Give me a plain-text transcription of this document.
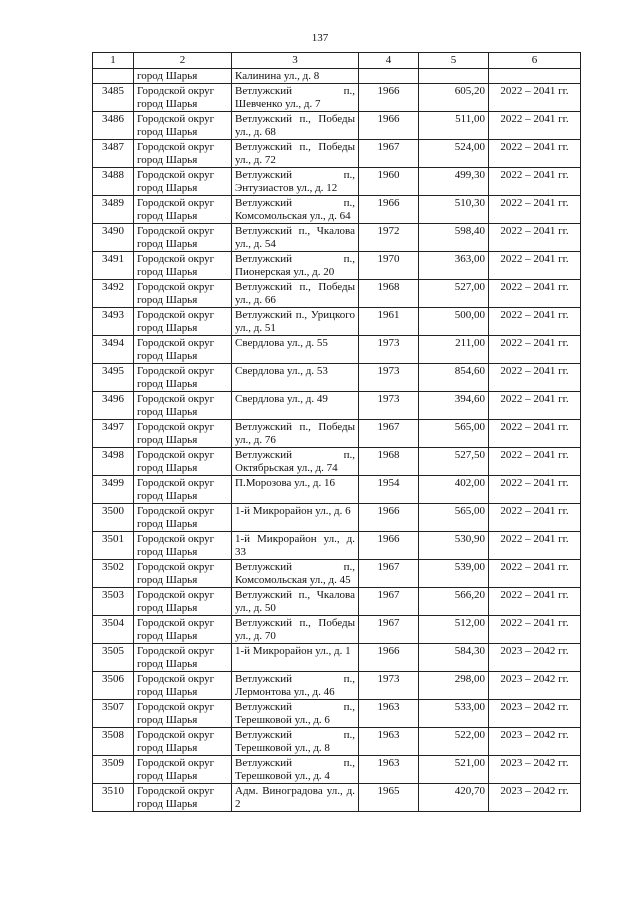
137
1	2	3	4	5	6
	город Шарья	Калинина ул., д. 8			
3485	Городской округ город Шарья	Ветлужский п., Шевченко ул., д. 7	1966	605,20	2022 – 2041 гг.
3486	Городской округ город Шарья	Ветлужский п., Победы ул., д. 68	1966	511,00	2022 – 2041 гг.
3487	Городской округ город Шарья	Ветлужский п., Победы ул., д. 72	1967	524,00	2022 – 2041 гг.
3488	Городской округ город Шарья	Ветлужский п., Энтузиастов ул., д. 12	1960	499,30	2022 – 2041 гг.
3489	Городской округ город Шарья	Ветлужский п., Комсомольская ул., д. 64	1966	510,30	2022 – 2041 гг.
3490	Городской округ город Шарья	Ветлужский п., Чкалова ул., д. 54	1972	598,40	2022 – 2041 гг.
3491	Городской округ город Шарья	Ветлужский п., Пионерская ул., д. 20	1970	363,00	2022 – 2041 гг.
3492	Городской округ город Шарья	Ветлужский п., Победы ул., д. 66	1968	527,00	2022 – 2041 гг.
3493	Городской округ город Шарья	Ветлужский п., Урицкого ул., д. 51	1961	500,00	2022 – 2041 гг.
3494	Городской округ город Шарья	Свердлова ул., д. 55	1973	211,00	2022 – 2041 гг.
3495	Городской округ город Шарья	Свердлова ул., д. 53	1973	854,60	2022 – 2041 гг.
3496	Городской округ город Шарья	Свердлова ул., д. 49	1973	394,60	2022 – 2041 гг.
3497	Городской округ город Шарья	Ветлужский п., Победы ул., д. 76	1967	565,00	2022 – 2041 гг.
3498	Городской округ город Шарья	Ветлужский п., Октябрьская ул., д. 74	1968	527,50	2022 – 2041 гг.
3499	Городской округ город Шарья	П.Морозова ул., д. 16	1954	402,00	2022 – 2041 гг.
3500	Городской округ город Шарья	1-й Микрорайон ул., д. 6	1966	565,00	2022 – 2041 гг.
3501	Городской округ город Шарья	1-й Микрорайон ул., д. 33	1966	530,90	2022 – 2041 гг.
3502	Городской округ город Шарья	Ветлужский п., Комсомольская ул., д. 45	1967	539,00	2022 – 2041 гг.
3503	Городской округ город Шарья	Ветлужский п., Чкалова ул., д. 50	1967	566,20	2022 – 2041 гг.
3504	Городской округ город Шарья	Ветлужский п., Победы ул., д. 70	1967	512,00	2022 – 2041 гг.
3505	Городской округ город Шарья	1-й Микрорайон ул., д. 1	1966	584,30	2023 – 2042 гг.
3506	Городской округ город Шарья	Ветлужский п., Лермонтова ул., д. 46	1973	298,00	2023 – 2042 гг.
3507	Городской округ город Шарья	Ветлужский п., Терешковой ул., д. 6	1963	533,00	2023 – 2042 гг.
3508	Городской округ город Шарья	Ветлужский п., Терешковой ул., д. 8	1963	522,00	2023 – 2042 гг.
3509	Городской округ город Шарья	Ветлужский п., Терешковой ул., д. 4	1963	521,00	2023 – 2042 гг.
3510	Городской округ город Шарья	Адм. Виноградова ул., д. 2	1965	420,70	2023 – 2042 гг.
